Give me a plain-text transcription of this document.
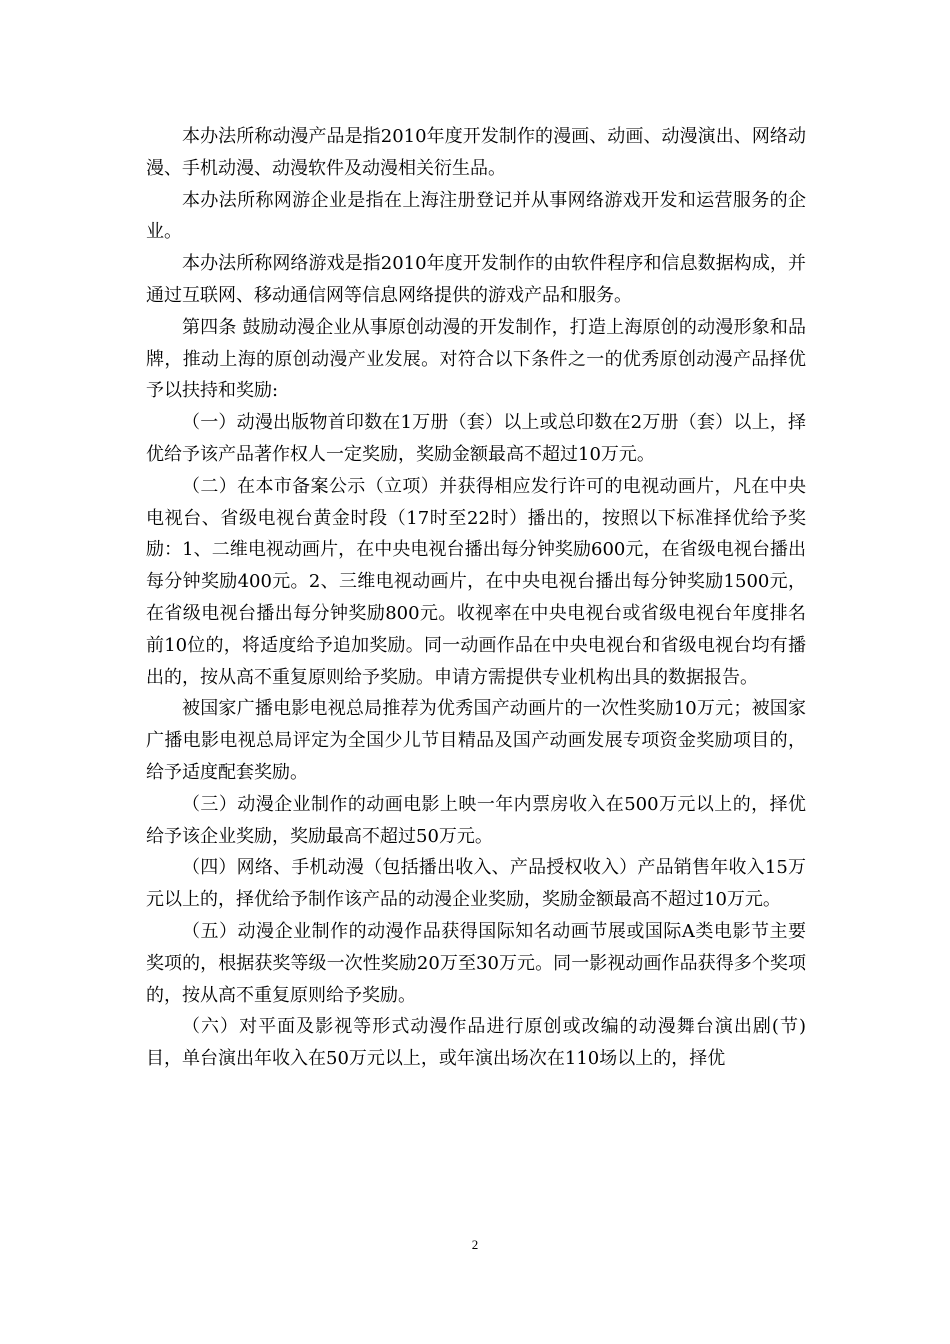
本办法所称动漫产品是指2010年度开发制作的漫画、动画、动漫演出、网络动漫、手机动漫、动漫软件及动漫相关衍生品。

本办法所称网游企业是指在上海注册登记并从事网络游戏开发和运营服务的企业。

本办法所称网络游戏是指2010年度开发制作的由软件程序和信息数据构成，并通过互联网、移动通信网等信息网络提供的游戏产品和服务。

第四条 鼓励动漫企业从事原创动漫的开发制作，打造上海原创的动漫形象和品牌，推动上海的原创动漫产业发展。对符合以下条件之一的优秀原创动漫产品择优予以扶持和奖励:

（一）动漫出版物首印数在1万册（套）以上或总印数在2万册（套）以上，择优给予该产品著作权人一定奖励，奖励金额最高不超过10万元。

（二）在本市备案公示（立项）并获得相应发行许可的电视动画片，凡在中央电视台、省级电视台黄金时段（17时至22时）播出的，按照以下标准择优给予奖励：1、二维电视动画片，在中央电视台播出每分钟奖励600元，在省级电视台播出每分钟奖励400元。2、三维电视动画片，在中央电视台播出每分钟奖励1500元，在省级电视台播出每分钟奖励800元。收视率在中央电视台或省级电视台年度排名前10位的，将适度给予追加奖励。同一动画作品在中央电视台和省级电视台均有播出的，按从高不重复原则给予奖励。申请方需提供专业机构出具的数据报告。

被国家广播电影电视总局推荐为优秀国产动画片的一次性奖励10万元；被国家广播电影电视总局评定为全国少儿节目精品及国产动画发展专项资金奖励项目的，给予适度配套奖励。

（三）动漫企业制作的动画电影上映一年内票房收入在500万元以上的，择优给予该企业奖励，奖励最高不超过50万元。

（四）网络、手机动漫（包括播出收入、产品授权收入）产品销售年收入15万元以上的，择优给予制作该产品的动漫企业奖励，奖励金额最高不超过10万元。

（五）动漫企业制作的动漫作品获得国际知名动画节展或国际A类电影节主要奖项的，根据获奖等级一次性奖励20万至30万元。同一影视动画作品获得多个奖项的，按从高不重复原则给予奖励。

（六）对平面及影视等形式动漫作品进行原创或改编的动漫舞台演出剧(节)目，单台演出年收入在50万元以上，或年演出场次在110场以上的，择优

2
